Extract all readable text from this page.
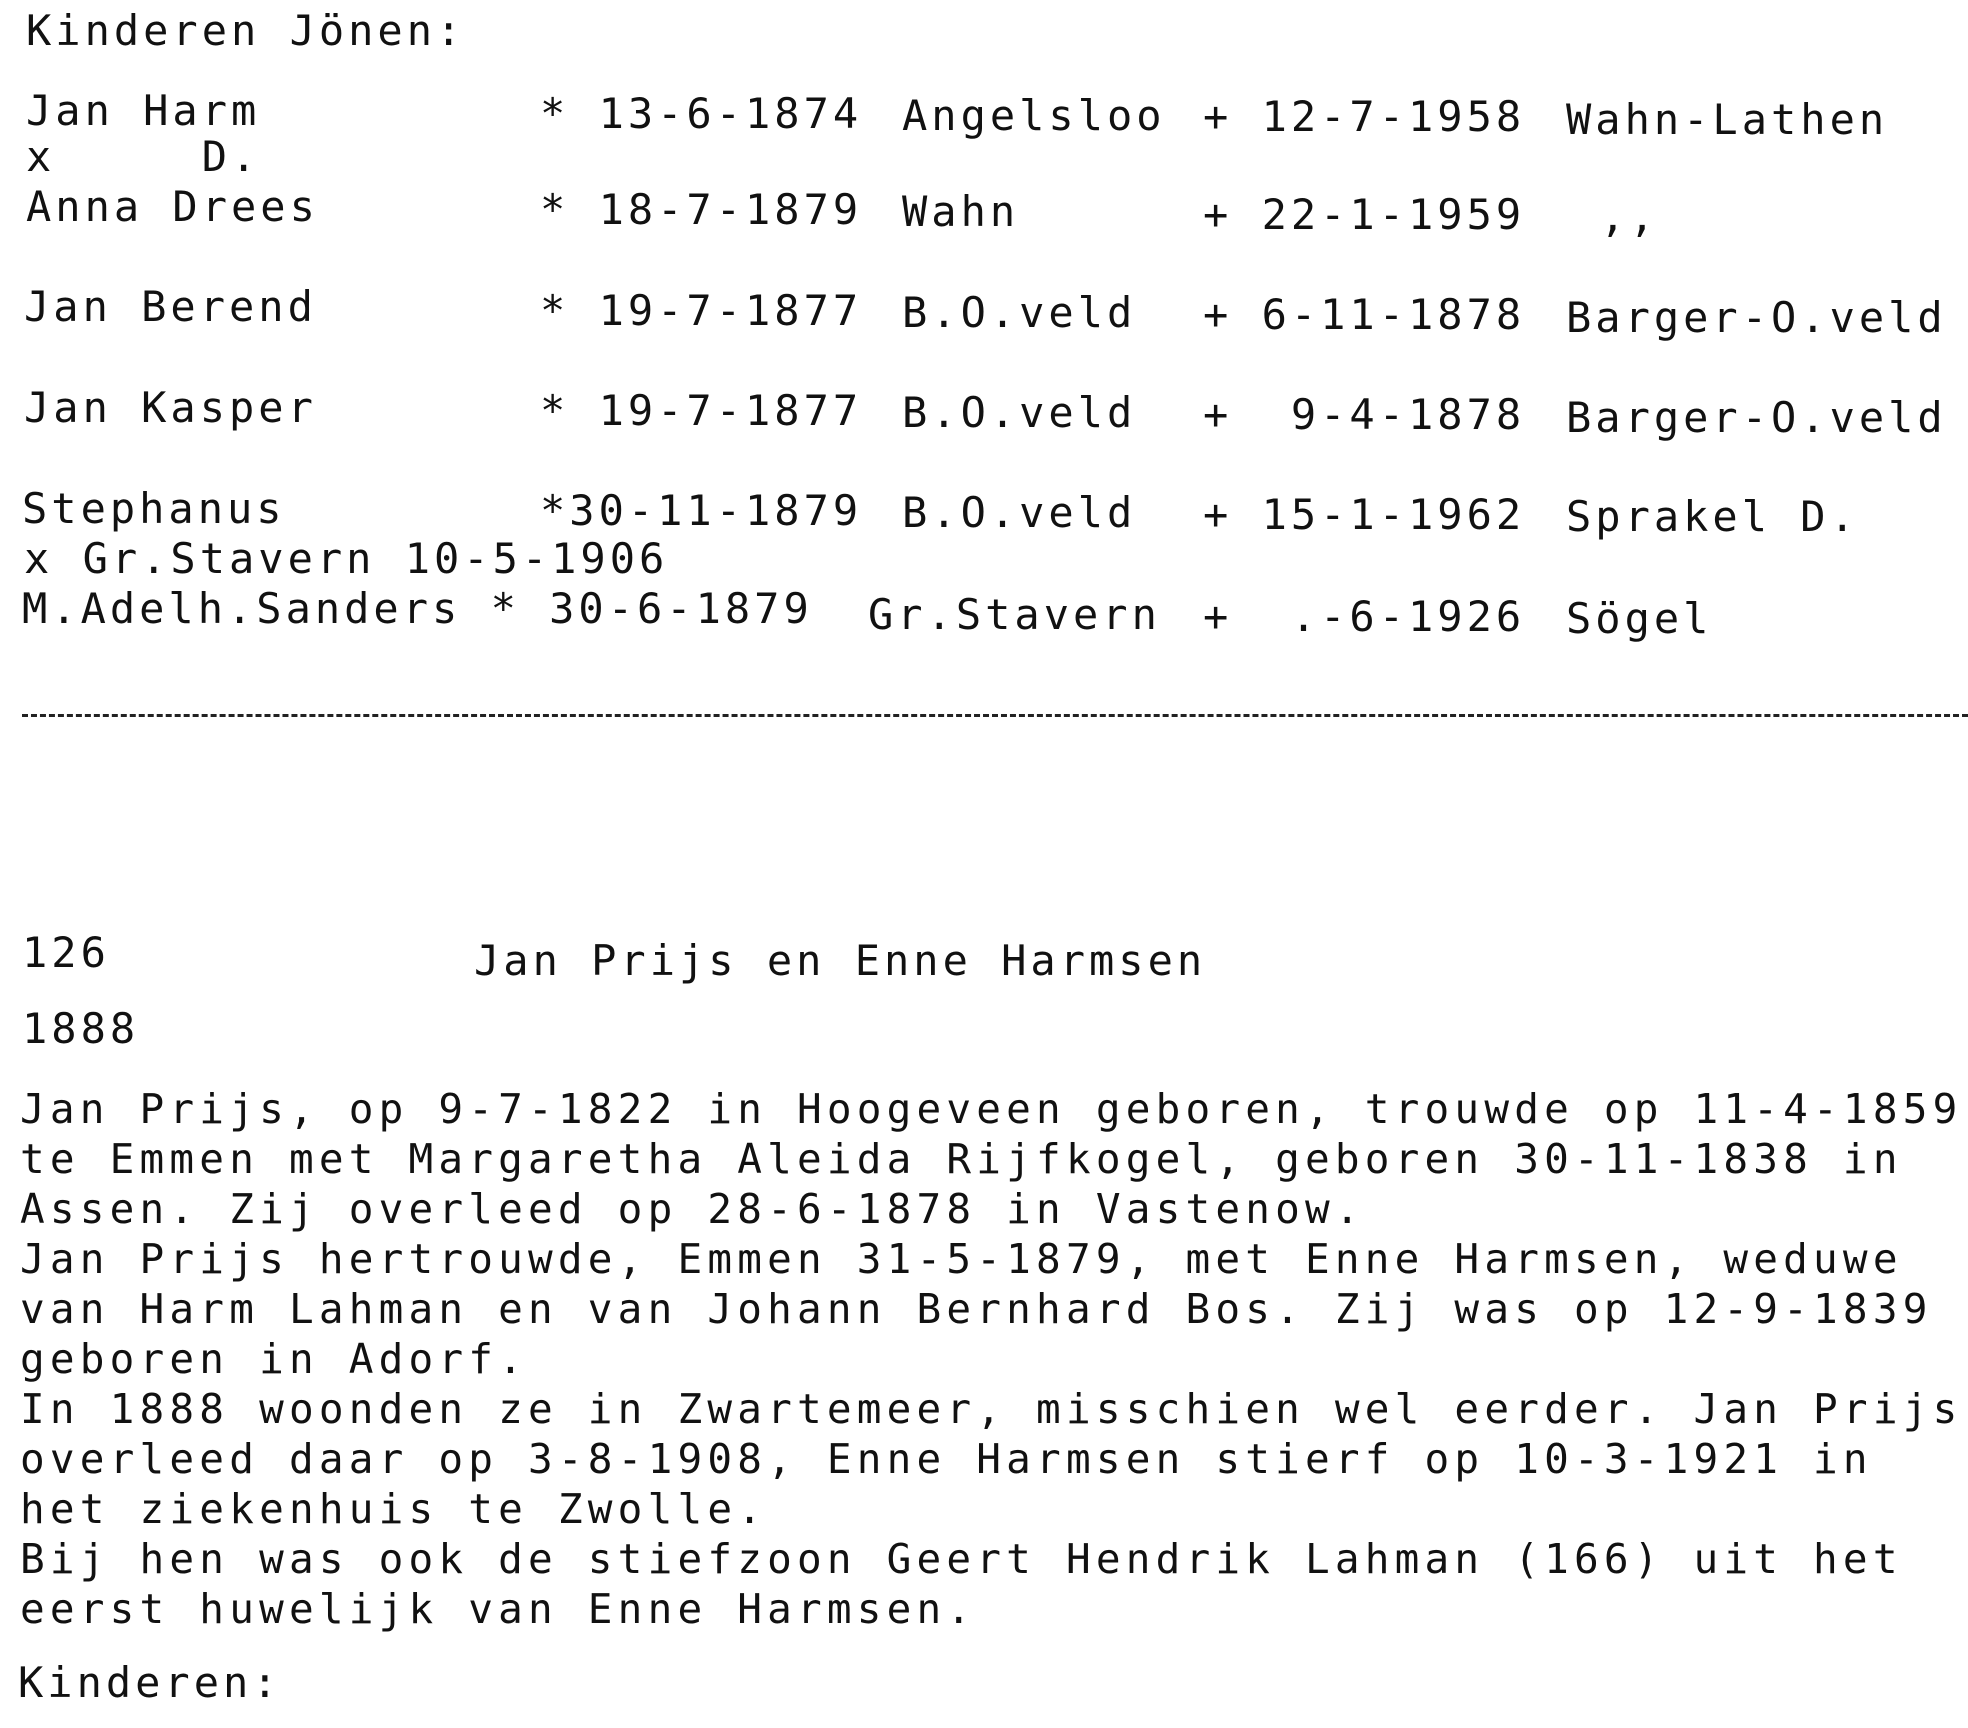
Kinderen Jönen:
Jan Harm	* 13-6-1874 Angelsloo + 12-7-1958 Wahn-Lathen
x     D.
Anna Drees	* 18-7-1879 Wahn	+ 22-1-1959 ,,
Jan Berend	* 19-7-1877 B.O.veld + 6-11-1878 Barger-O.veld
Jan Kasper	* 19-7-1877 B.O.veld +  9-4-1878 Barger-O.veld
Stephanus	*30-11-1879 B.O.veld + 15-1-1962 Sprakel D.
x Gr.Stavern 10-5-1906
M.Adelh.Sanders * 30-6-1879 Gr.Stavern +  .-6-1926 Sögel
126	Jan Prijs en Enne Harmsen
1888
Jan Prijs, op 9-7-1822 in Hoogeveen geboren, trouwde op 11-4-1859
te Emmen met Margaretha Aleida Rijfkogel, geboren 30-11-1838 in
Assen. Zij overleed op 28-6-1878 in Vastenow.
Jan Prijs hertrouwde, Emmen 31-5-1879, met Enne Harmsen, weduwe
van Harm Lahman en van Johann Bernhard Bos. Zij was op 12-9-1839
geboren in Adorf.
In 1888 woonden ze in Zwartemeer, misschien wel eerder. Jan Prijs
overleed daar op 3-8-1908, Enne Harmsen stierf op 10-3-1921 in
het ziekenhuis te Zwolle.
Bij hen was ook de stiefzoon Geert Hendrik Lahman (166) uit het
eerst huwelijk van Enne Harmsen.
Kinderen:
